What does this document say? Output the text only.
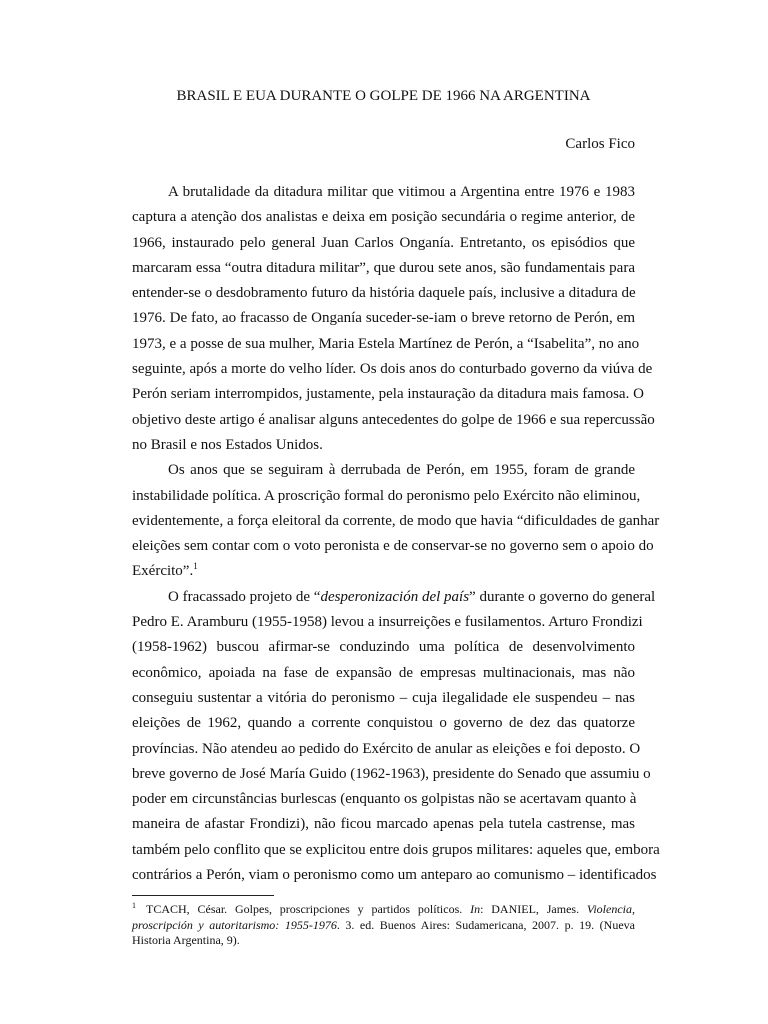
BRASIL E EUA DURANTE O GOLPE DE 1966 NA ARGENTINA
Carlos Fico
A brutalidade da ditadura militar que vitimou a Argentina entre 1976 e 1983
captura a atenção dos analistas e deixa em posição secundária o regime anterior, de
1966, instaurado pelo general Juan Carlos Onganía. Entretanto, os episódios que
marcaram essa “outra ditadura militar”, que durou sete anos, são fundamentais para
entender-se o desdobramento futuro da história daquele país, inclusive a ditadura de
1976. De fato, ao fracasso de Onganía suceder-se-iam o breve retorno de Perón, em
1973, e a posse de sua mulher, Maria Estela Martínez de Perón, a “Isabelita”, no ano
seguinte, após a morte do velho líder. Os dois anos do conturbado governo da viúva de
Perón seriam interrompidos, justamente, pela instauração da ditadura mais famosa. O
objetivo deste artigo é analisar alguns antecedentes do golpe de 1966 e sua repercussão
no Brasil e nos Estados Unidos.
Os anos que se seguiram à derrubada de Perón, em 1955, foram de grande
instabilidade política. A proscrição formal do peronismo pelo Exército não eliminou,
evidentemente, a força eleitoral da corrente, de modo que havia “dificuldades de ganhar
eleições sem contar com o voto peronista e de conservar-se no governo sem o apoio do
Exército”.$^1$
O fracassado projeto de “desperonización del país” durante o governo do general
Pedro E. Aramburu (1955-1958) levou a insurreições e fusilamentos. Arturo Frondizi
(1958-1962) buscou afirmar-se conduzindo uma política de desenvolvimento
econômico, apoiada na fase de expansão de empresas multinacionais, mas não
conseguiu sustentar a vitória do peronismo – cuja ilegalidade ele suspendeu – nas
eleições de 1962, quando a corrente conquistou o governo de dez das quatorze
províncias. Não atendeu ao pedido do Exército de anular as eleições e foi deposto. O
breve governo de José María Guido (1962-1963), presidente do Senado que assumiu o
poder em circunstâncias burlescas (enquanto os golpistas não se acertavam quanto à
maneira de afastar Frondizi), não ficou marcado apenas pela tutela castrense, mas
também pelo conflito que se explicitou entre dois grupos militares: aqueles que, embora
contrários a Perón, viam o peronismo como um anteparo ao comunismo – identificados
$^1$ TCACH, César. Golpes, proscripciones y partidos políticos. In: DANIEL, James. Violencia,
proscripción y autoritarismo: 1955-1976. 3. ed. Buenos Aires: Sudamericana, 2007. p. 19. (Nueva
Historia Argentina, 9).
